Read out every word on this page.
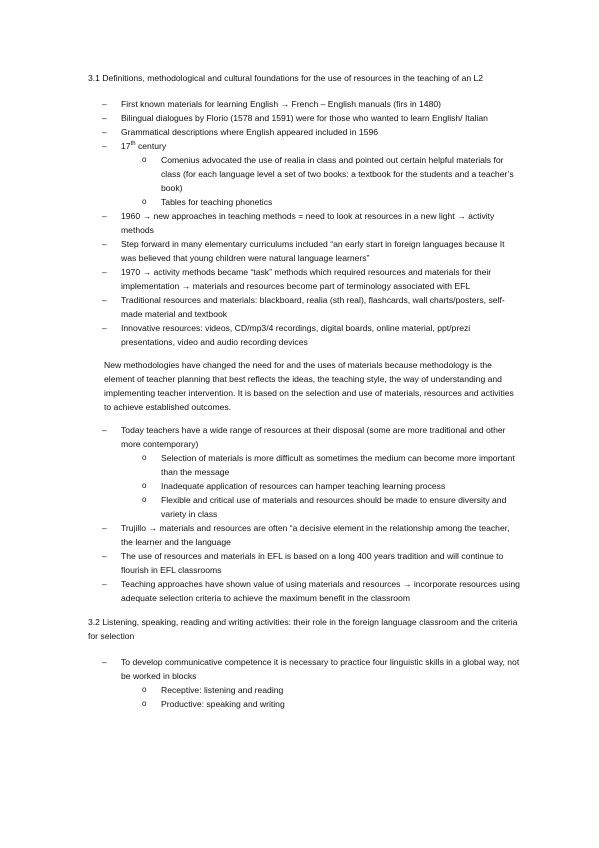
3.1 Definitions, methodological and cultural foundations for the use of resources in the teaching of an L2

–	First known materials for learning English → French – English manuals (firs in 1480)
–	Bilingual dialogues by Florio (1578 and 1591) were for those who wanted to learn English/ Italian
–	Grammatical descriptions where English appeared included in 1596
–	17th century
o Comenius advocated the use of realia in class and pointed out certain helpful materials for class (for each language level a set of two books: a textbook for the students and a teacher’s book)
o Tables for teaching phonetics
–	1960 → new approaches in teaching methods = need to look at resources in a new light → activity methods
–	Step forward in many elementary curriculums included “an early start in foreign languages because It was believed that young children were natural language learners”
–	1970 → activity methods became “task” methods which required resources and materials for their implementation → materials and resources become part of terminology associated with EFL
–	Traditional resources and materials: blackboard, realia (sth real), flashcards, wall charts/posters, self-made material and textbook
–	Innovative resources: videos, CD/mp3/4 recordings, digital boards, online material, ppt/prezi presentations, video and audio recording devices

New methodologies have changed the need for and the uses of materials because methodology is the element of teacher planning that best reflects the ideas, the teaching style, the way of understanding and implementing teacher intervention. It is based on the selection and use of materials, resources and activities to achieve established outcomes.

–	Today teachers have a wide range of resources at their disposal (some are more traditional and other more contemporary)
o Selection of materials is more difficult as sometimes the medium can become more important than the message
o Inadequate application of resources can hamper teaching learning process
o Flexible and critical use of materials and resources should be made to ensure diversity and variety in class
–	Trujillo → materials and resources are often “a decisive element in the relationship among the teacher, the learner and the language
–	The use of resources and materials in EFL is based on a long 400 years tradition and will continue to flourish in EFL classrooms
–	Teaching approaches have shown value of using materials and resources → incorporate resources using adequate selection criteria to achieve the maximum benefit in the classroom

3.2 Listening, speaking, reading and writing activities: their role in the foreign language classroom and the criteria for selection

–	To develop communicative competence it is necessary to practice four linguistic skills in a global way, not be worked in blocks
o Receptive: listening and reading
o Productive: speaking and writing
